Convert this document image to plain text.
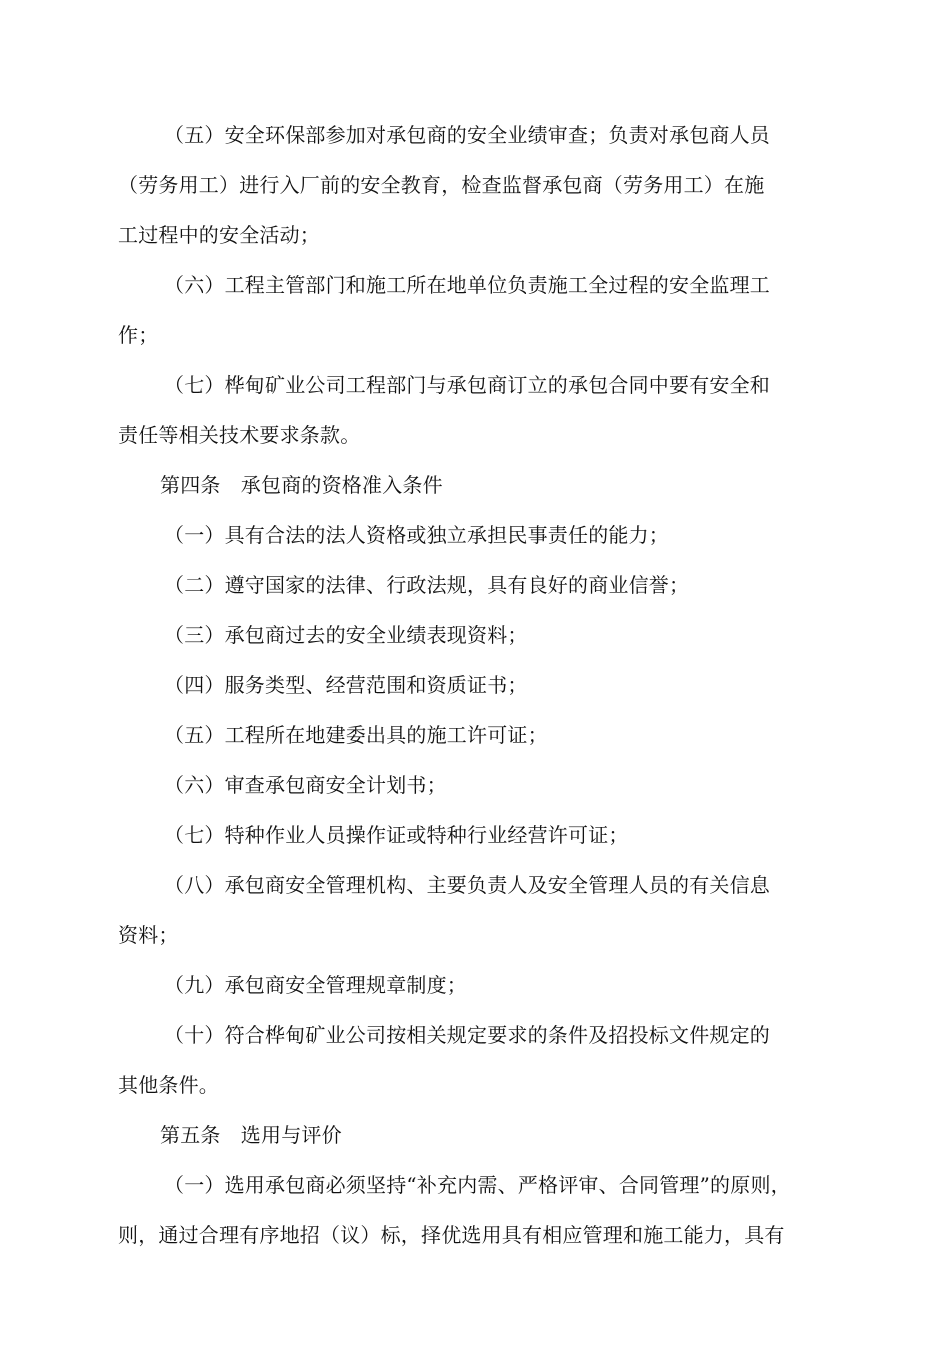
（五）安全环保部参加对承包商的安全业绩审查；负责对承包商人员
（劳务用工）进行入厂前的安全教育，检查监督承包商（劳务用工）在施
工过程中的安全活动；
（六）工程主管部门和施工所在地单位负责施工全过程的安全监理工
作；
（七）桦甸矿业公司工程部门与承包商订立的承包合同中要有安全和
责任等相关技术要求条款。
第四条　承包商的资格准入条件
（一）具有合法的法人资格或独立承担民事责任的能力；
（二）遵守国家的法律、行政法规，具有良好的商业信誉；
（三）承包商过去的安全业绩表现资料；
（四）服务类型、经营范围和资质证书；
（五）工程所在地建委出具的施工许可证；
（六）审查承包商安全计划书；
（七）特种作业人员操作证或特种行业经营许可证；
（八）承包商安全管理机构、主要负责人及安全管理人员的有关信息
资料；
（九）承包商安全管理规章制度；
（十）符合桦甸矿业公司按相关规定要求的条件及招投标文件规定的
其他条件。
第五条　选用与评价
（一）选用承包商必须坚持“补充内需、严格评审、合同管理”的原则，
则，通过合理有序地招（议）标，择优选用具有相应管理和施工能力，具有
